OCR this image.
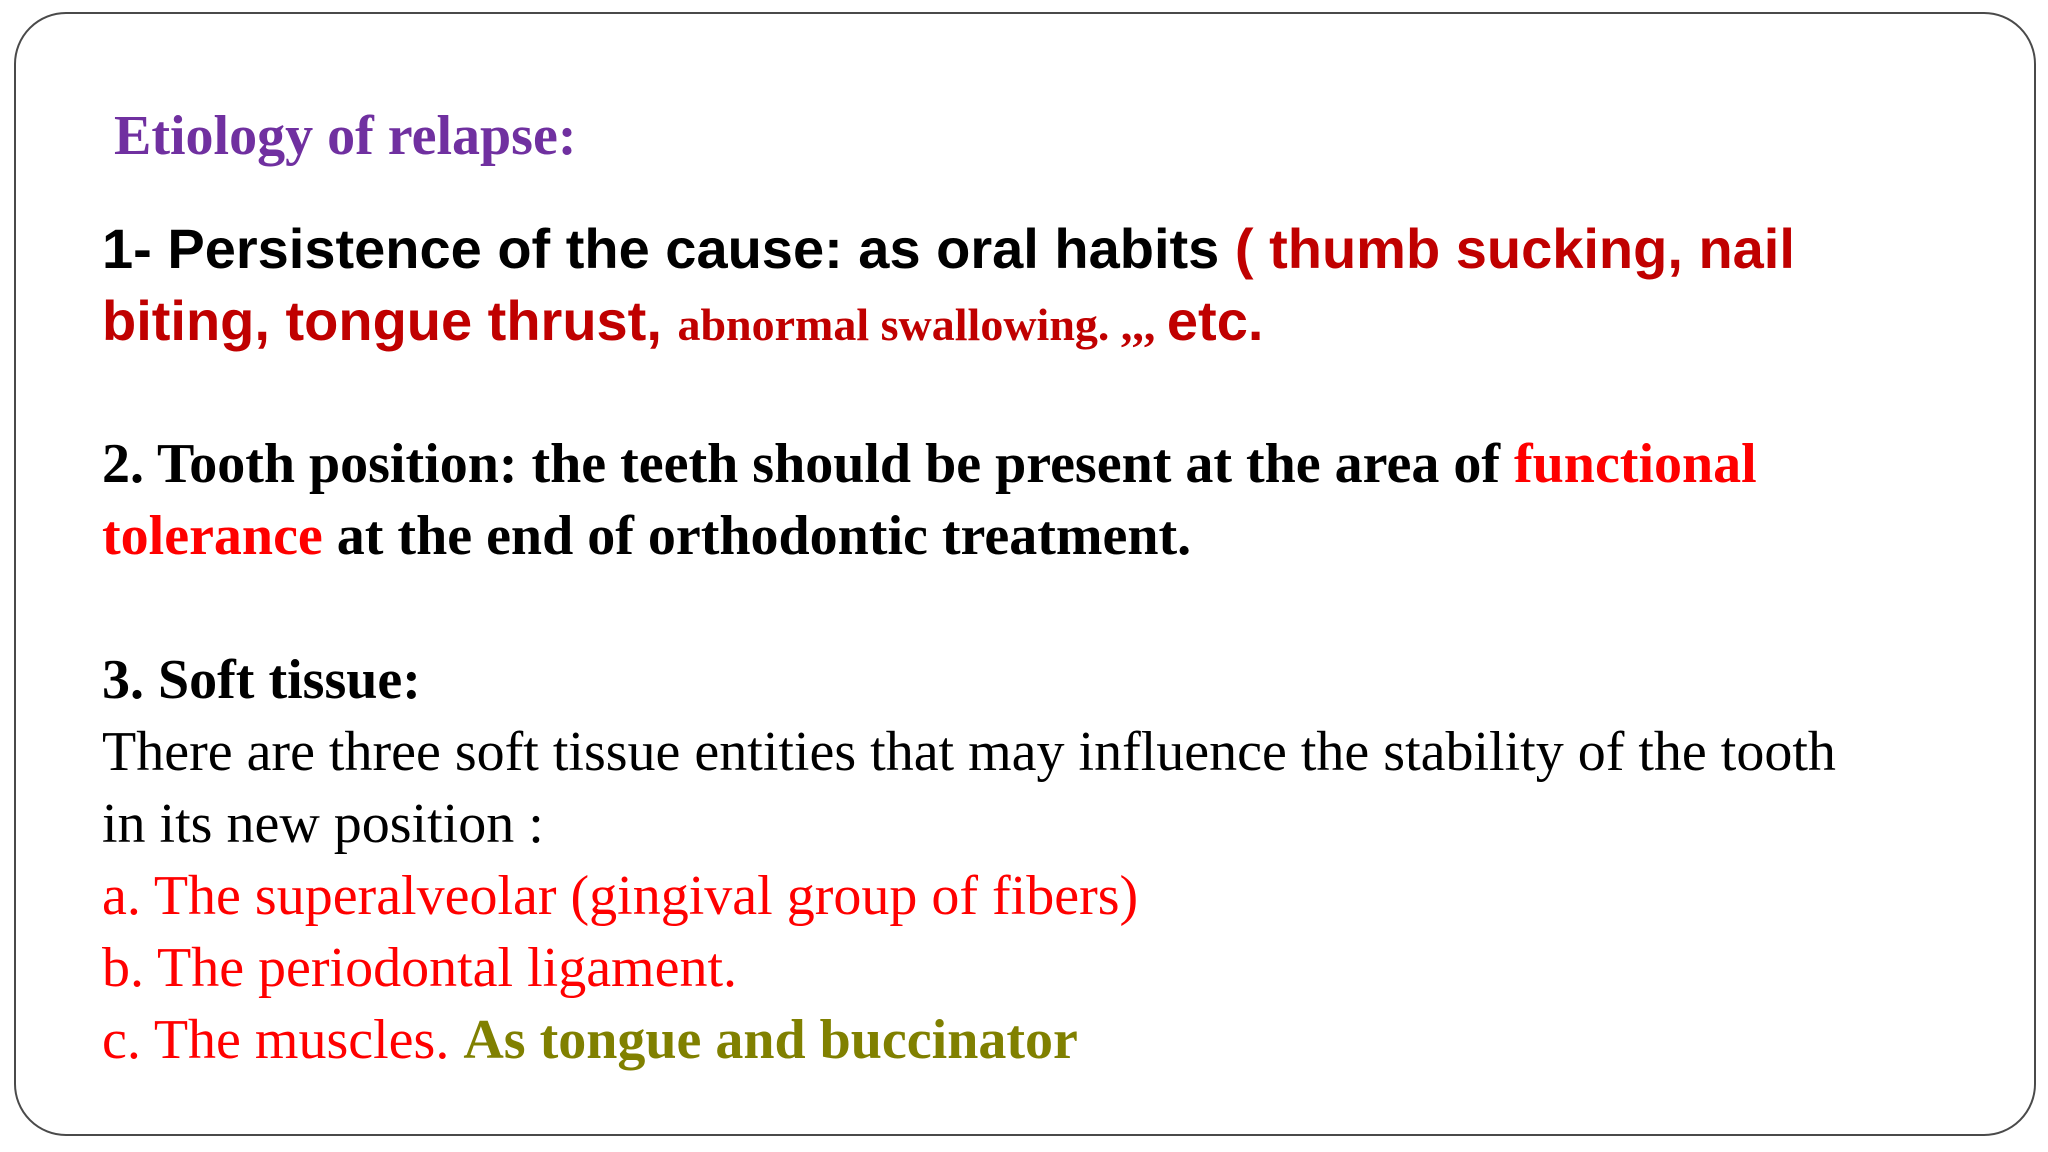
Etiology of relapse:

1- Persistence of the cause: as oral habits ( thumb sucking, nail

biting, tongue thrust, abnormal swallowing. ,,, etc.

2. Tooth position: the teeth should be present at the area of functional

tolerance at the end of orthodontic treatment.

3. Soft tissue:

There are three soft tissue entities that may influence the stability of the tooth

in its new position :

a. The superalveolar (gingival group of fibers)

b. The periodontal ligament.

c. The muscles. As tongue and buccinator
